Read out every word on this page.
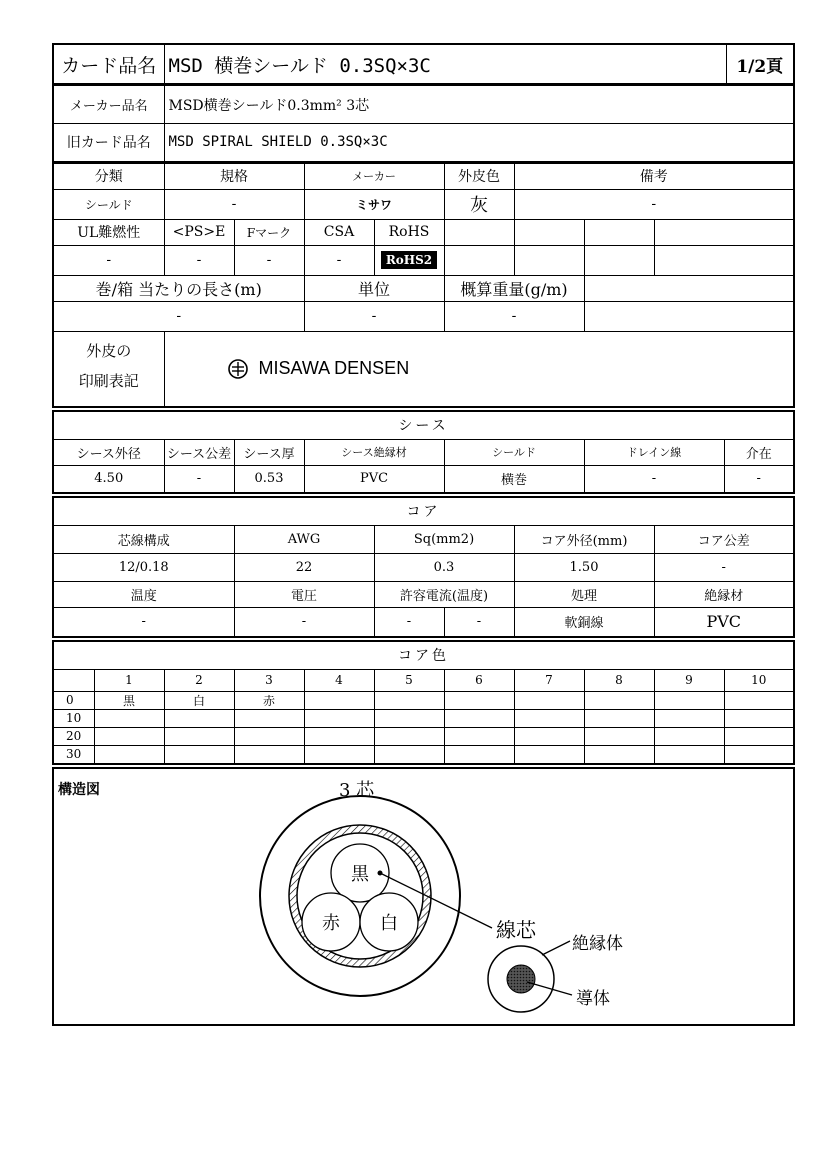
カード品名	MSD 横巻シールド 0.3SQ×3C	1/2頁
メーカー品名	MSD横巻シールド0.3mm² 3芯
旧カード品名	MSD SPIRAL SHIELD 0.3SQ×3C
分類	規格		メーカー		外皮色	備考		
シールド	-		ミサワ		灰	-		
UL難燃性	<PS>E	Fマーク	CSA	RoHS				
-	-	-	-	RoHS2				
巻/箱 当たりの長さ(m)			単位		概算重量(g/m)			
-			-		-			

外皮の
印刷表記	MISAWA DENSEN							
シース						
シース外径	シース公差	シース厚	シース絶縁材	シールド	ドレイン線	介在
4.50	-	0.53	PVC	横巻	-	-
コア					
芯線構成	AWG	Sq(mm2)		コア外径(mm)	コア公差
12/0.18	22	0.3		1.50	-
温度	電圧	許容電流(温度)		処理	絶縁材
-	-	-	-	軟銅線	PVC
コア色										
	1	2	3	4	5	6	7	8	9	10
0	黒	白	赤							
10										
20										
30										
黒
赤 白	線芯
絶縁体
導体
構造図	3 芯
